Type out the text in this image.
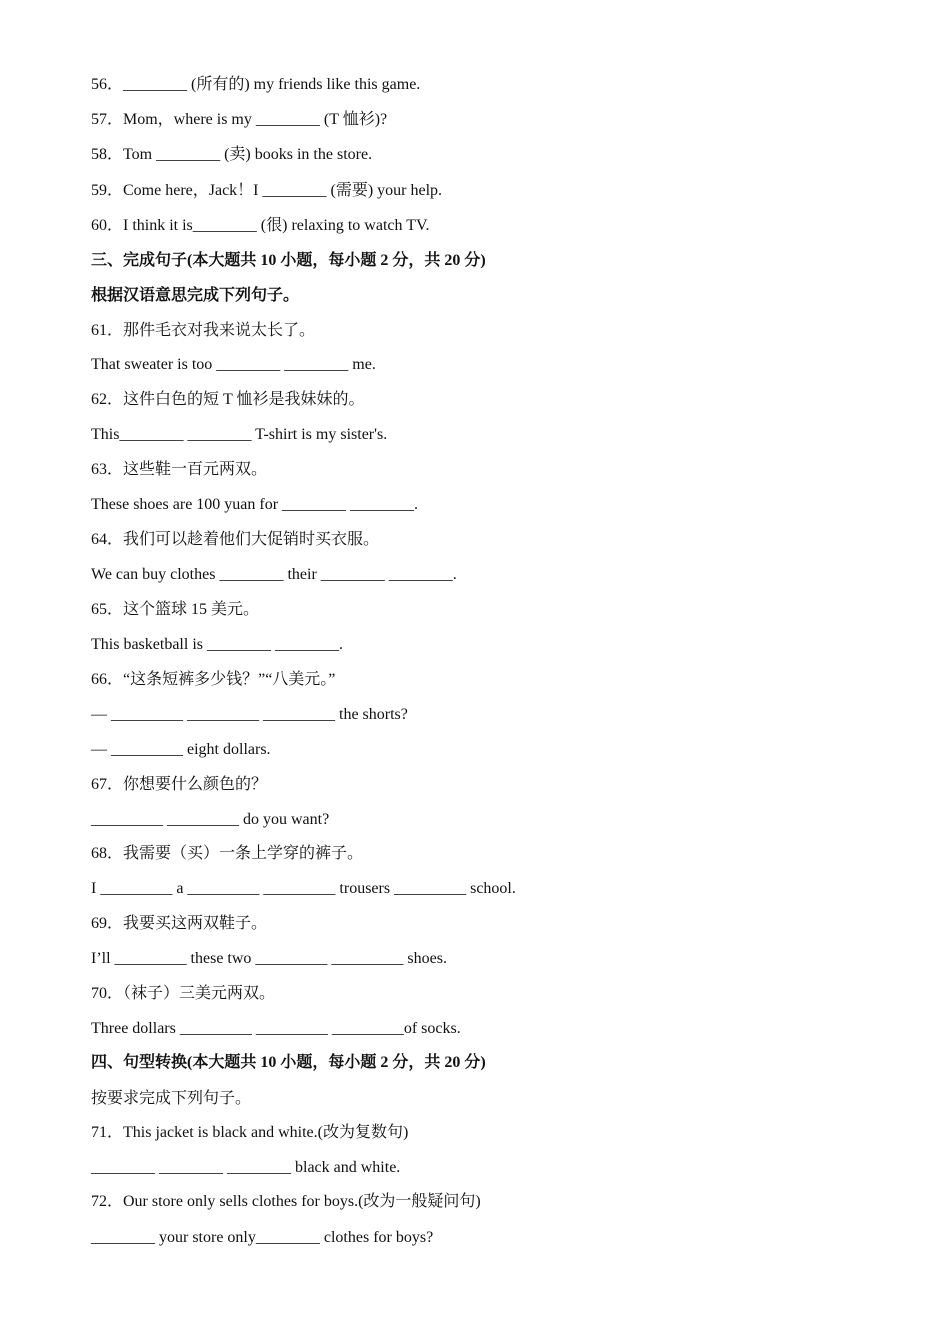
56．________ (所有的) my friends like this game.
57．Mom，where is my ________ (T 恤衫)?
58．Tom ________ (卖) books in the store.
59．Come here，Jack！I ________ (需要) your help.
60．I think it is________ (很) relaxing to watch TV.
三、完成句子(本大题共 10 小题，每小题 2 分，共 20 分)
根据汉语意思完成下列句子。
61．那件毛衣对我来说太长了。
That sweater is too ________ ________ me.
62．这件白色的短 T 恤衫是我妹妹的。
This________ ________ T-shirt is my sister's.
63．这些鞋一百元两双。
These shoes are 100 yuan for ________ ________.
64．我们可以趁着他们大促销时买衣服。
We can buy clothes ________ their ________ ________.
65．这个篮球 15 美元。
This basketball is ________ ________.
66．“这条短裤多少钱？”“八美元。”
— _________ _________ _________ the shorts?
— _________ eight dollars.
67．你想要什么颜色的？
_________ _________ do you want?
68．我需要（买）一条上学穿的裤子。
I _________ a _________ _________ trousers _________ school.
69．我要买这两双鞋子。
I’ll _________ these two _________ _________ shoes.
70．（袜子）三美元两双。
Three dollars _________ _________ _________of socks.
四、句型转换(本大题共 10 小题，每小题 2 分，共 20 分)
按要求完成下列句子。
71．This jacket is black and white.(改为复数句)
________ ________ ________ black and white.
72．Our store only sells clothes for boys.(改为一般疑问句)
________ your store only________ clothes for boys?
